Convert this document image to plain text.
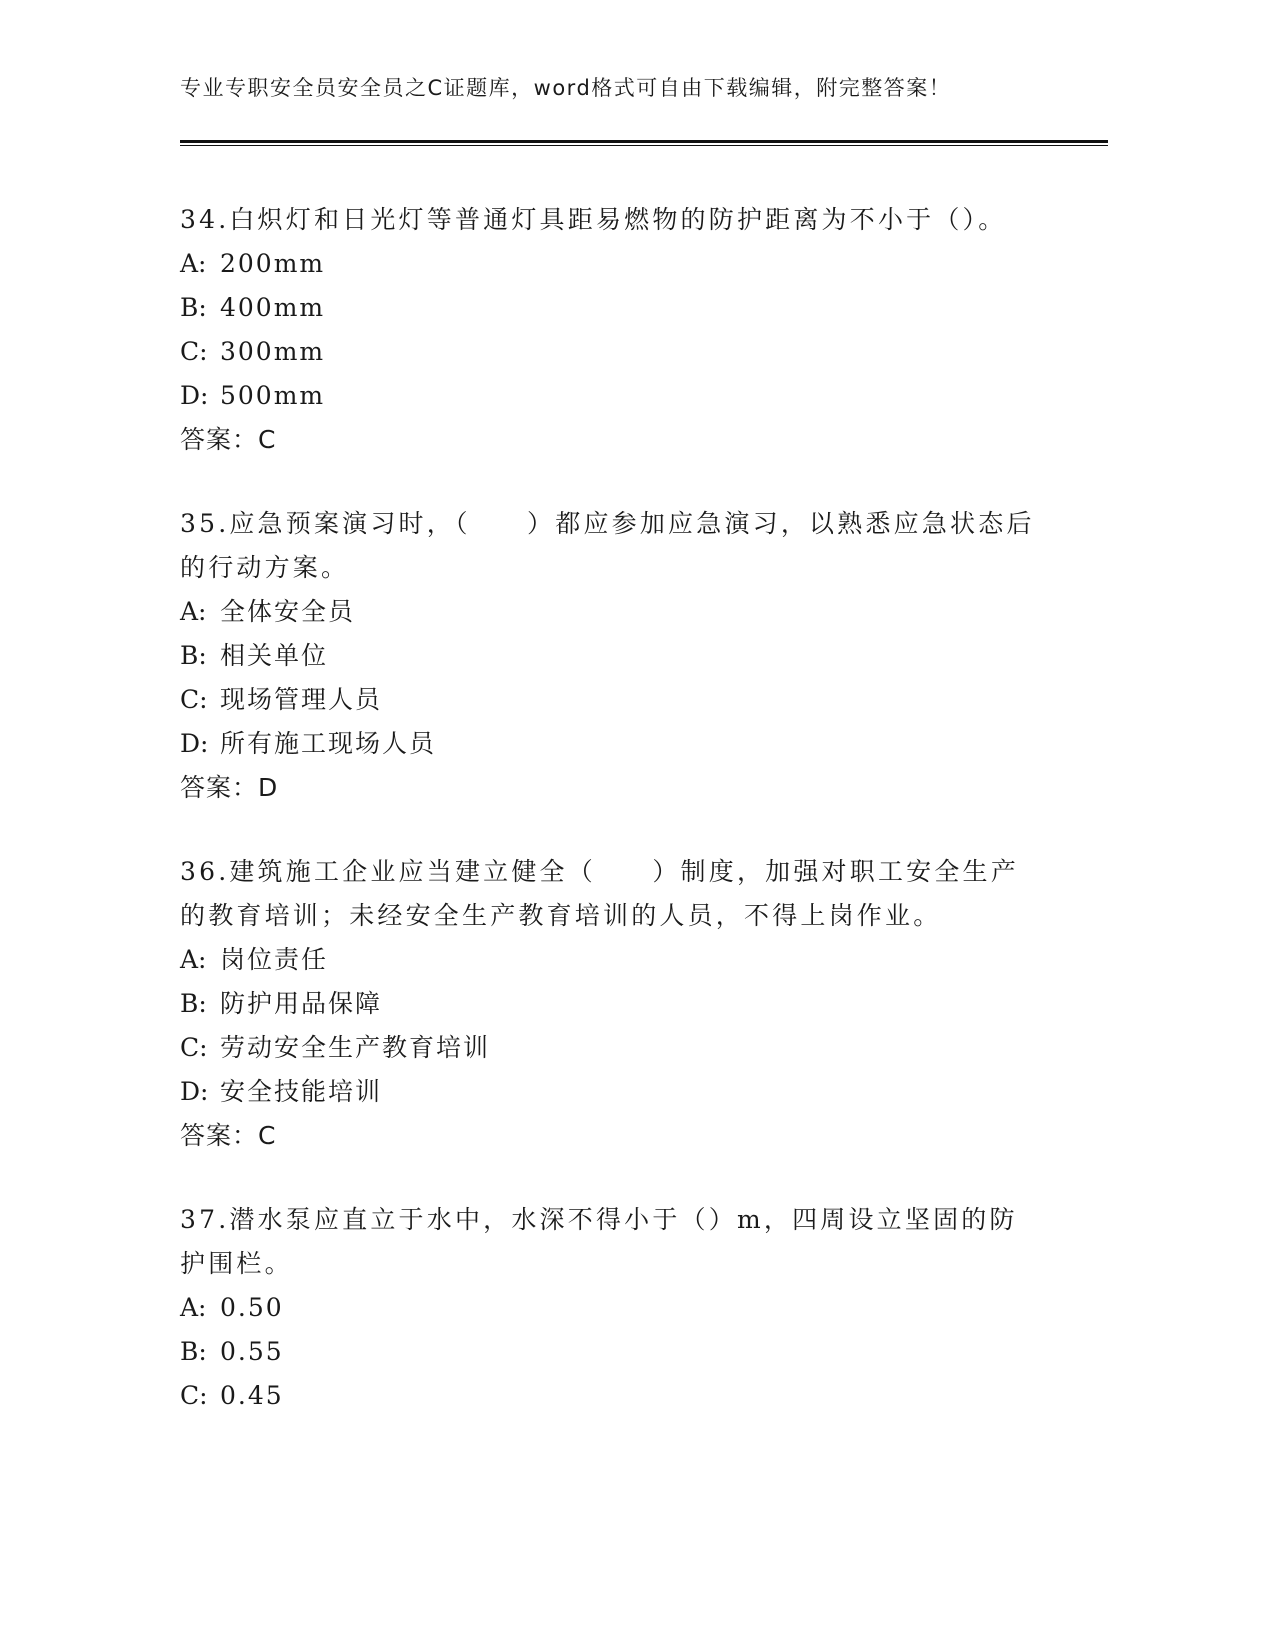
专业专职安全员安全员之C证题库，word格式可自由下载编辑，附完整答案！

34.白炽灯和日光灯等普通灯具距易燃物的防护距离为不小于（）。

A: 200mm
B: 400mm
C: 300mm
D: 500mm
答案：C

35.应急预案演习时，（　　）都应参加应急演习，以熟悉应急状态后的行动方案。

A: 全体安全员
B: 相关单位
C: 现场管理人员
D: 所有施工现场人员
答案：D

36.建筑施工企业应当建立健全（　　）制度，加强对职工安全生产的教育培训；未经安全生产教育培训的人员，不得上岗作业。

A: 岗位责任
B: 防护用品保障
C: 劳动安全生产教育培训
D: 安全技能培训
答案：C

37.潜水泵应直立于水中，水深不得小于（）m，四周设立坚固的防护围栏。

A: 0.50
B: 0.55
C: 0.45
